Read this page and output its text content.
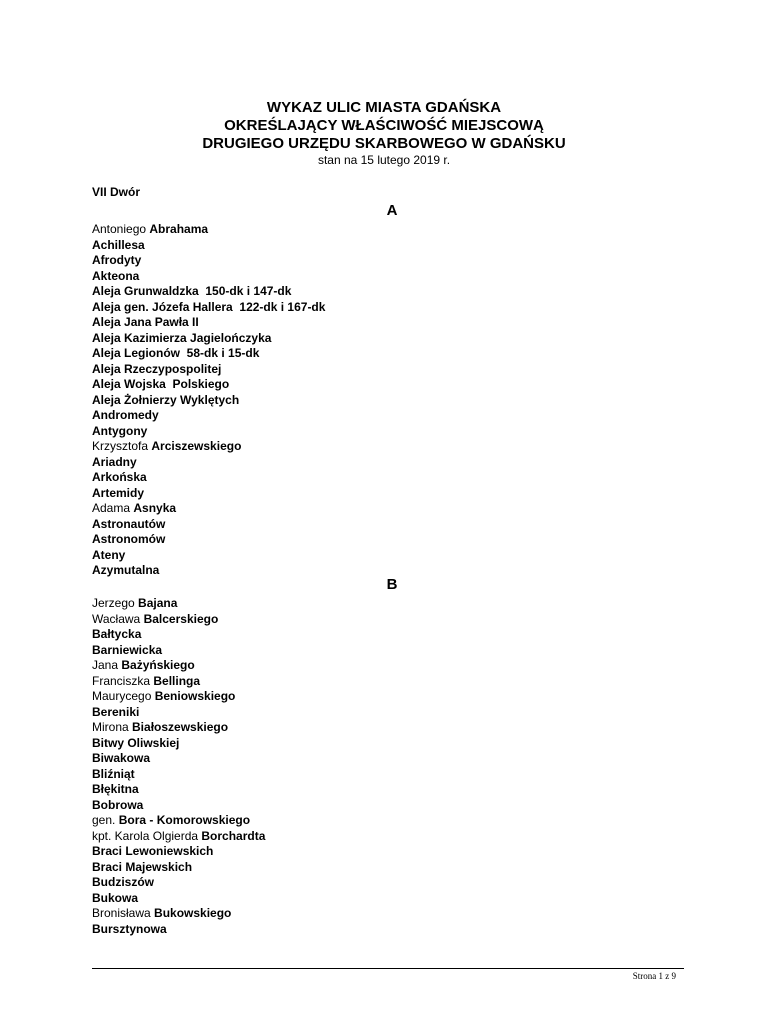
WYKAZ ULIC MIASTA GDAŃSKA

OKREŚLAJĄCY WŁAŚCIWOŚĆ MIEJSCOWĄ

DRUGIEGO URZĘDU SKARBOWEGO W GDAŃSKU

stan na 15 lutego 2019 r.

VII Dwór
A
Antoniego Abrahama
Achillesa
Afrodyty
Akteona
Aleja Grunwaldzka  150-dk i 147-dk
Aleja gen. Józefa Hallera  122-dk i 167-dk
Aleja Jana Pawła II
Aleja Kazimierza Jagielończyka
Aleja Legionów  58-dk i 15-dk
Aleja Rzeczypospolitej
Aleja Wojska  Polskiego
Aleja Żołnierzy Wyklętych
Andromedy
Antygony
Krzysztofa Arciszewskiego
Ariadny
Arkońska
Artemidy
Adama Asnyka
Astronautów
Astronomów
Ateny
Azymutalna
B
Jerzego Bajana
Wacława Balcerskiego
Bałtycka
Barniewicka
Jana Bażyńskiego
Franciszka Bellinga
Maurycego Beniowskiego
Bereniki
Mirona Białoszewskiego
Bitwy Oliwskiej
Biwakowa
Bliźniąt
Błękitna
Bobrowa
gen. Bora - Komorowskiego
kpt. Karola Olgierda Borchardta
Braci Lewoniewskich
Braci Majewskich
Budziszów
Bukowa
Bronisława Bukowskiego
Bursztynowa
Strona 1 z 9
